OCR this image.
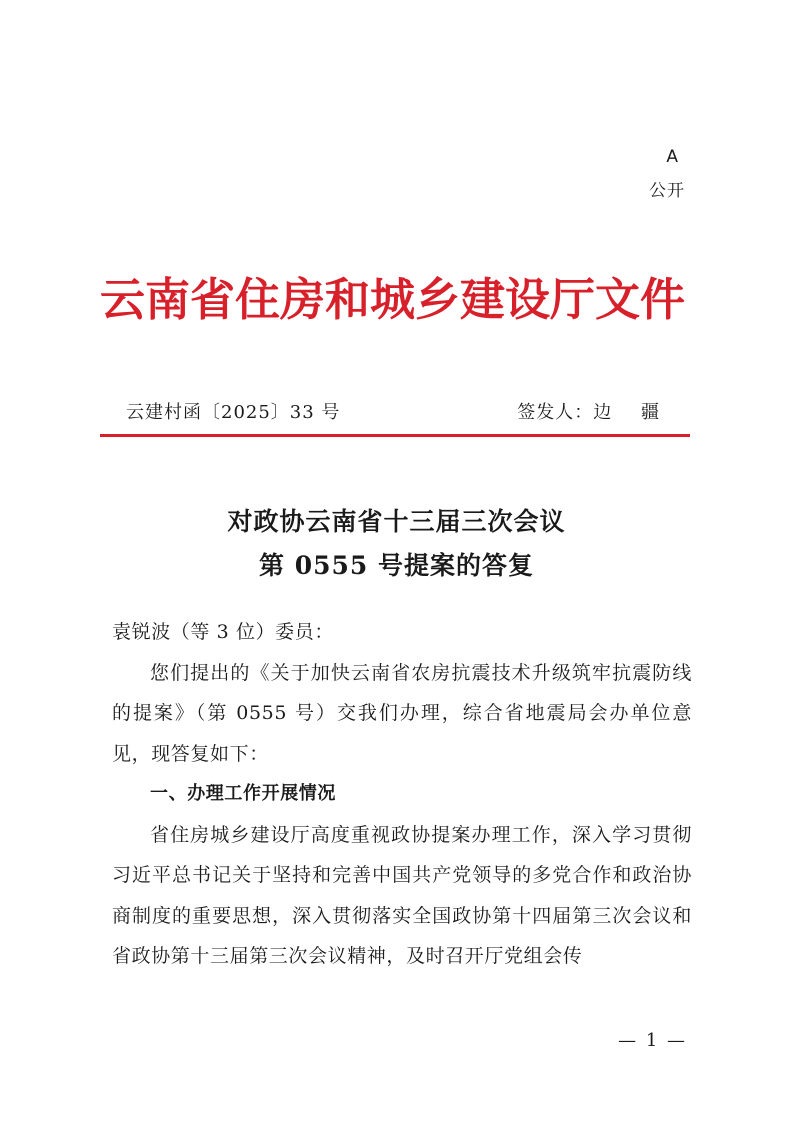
A
公开
云南省住房和城乡建设厅文件
云建村函〔2025〕33 号	签发人：边 疆
对政协云南省十三届三次会议
第 0555 号提案的答复

袁锐波（等 3 位）委员：

您们提出的《关于加快云南省农房抗震技术升级筑牢抗震防线的提案》（第 0555 号）交我们办理，综合省地震局会办单位意见，现答复如下：

一、办理工作开展情况

省住房城乡建设厅高度重视政协提案办理工作，深入学习贯彻习近平总书记关于坚持和完善中国共产党领导的多党合作和政治协商制度的重要思想，深入贯彻落实全国政协第十四届第三次会议和省政协第十三届第三次会议精神，及时召开厅党组会传

— 1 —
